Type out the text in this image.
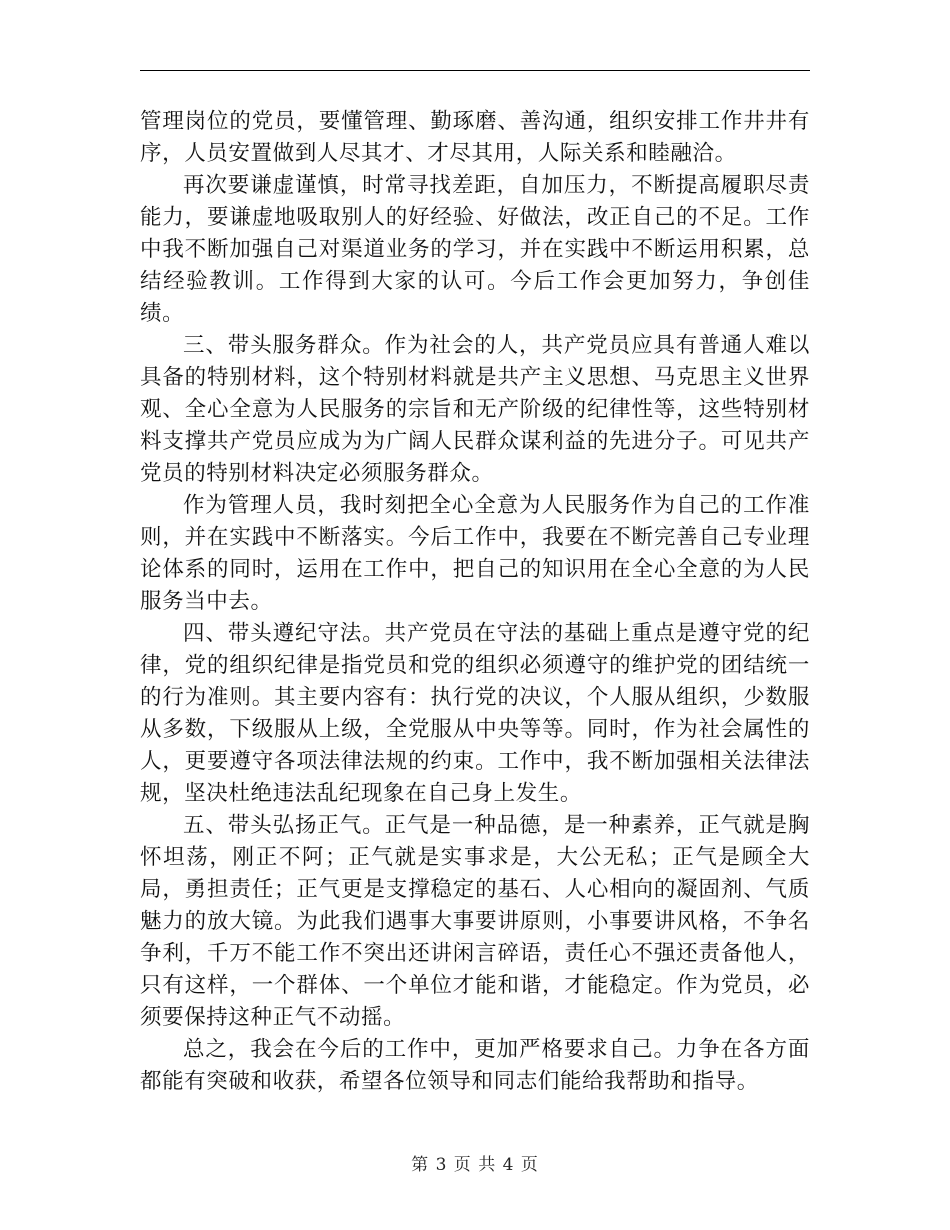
管理岗位的党员，要懂管理、勤琢磨、善沟通，组织安排工作井井有序，人员安置做到人尽其才、才尽其用，人际关系和睦融洽。

再次要谦虚谨慎，时常寻找差距，自加压力，不断提高履职尽责能力，要谦虚地吸取别人的好经验、好做法，改正自己的不足。工作中我不断加强自己对渠道业务的学习，并在实践中不断运用积累，总结经验教训。工作得到大家的认可。今后工作会更加努力，争创佳绩。

三、带头服务群众。作为社会的人，共产党员应具有普通人难以具备的特别材料，这个特别材料就是共产主义思想、马克思主义世界观、全心全意为人民服务的宗旨和无产阶级的纪律性等，这些特别材料支撑共产党员应成为为广阔人民群众谋利益的先进分子。可见共产党员的特别材料决定必须服务群众。

作为管理人员，我时刻把全心全意为人民服务作为自己的工作准则，并在实践中不断落实。今后工作中，我要在不断完善自己专业理论体系的同时，运用在工作中，把自己的知识用在全心全意的为人民服务当中去。

四、带头遵纪守法。共产党员在守法的基础上重点是遵守党的纪律，党的组织纪律是指党员和党的组织必须遵守的维护党的团结统一的行为准则。其主要内容有：执行党的决议，个人服从组织，少数服从多数，下级服从上级，全党服从中央等等。同时，作为社会属性的人，更要遵守各项法律法规的约束。工作中，我不断加强相关法律法规，坚决杜绝违法乱纪现象在自己身上发生。

五、带头弘扬正气。正气是一种品德，是一种素养，正气就是胸怀坦荡，刚正不阿；正气就是实事求是，大公无私；正气是顾全大局，勇担责任；正气更是支撑稳定的基石、人心相向的凝固剂、气质魅力的放大镜。为此我们遇事大事要讲原则，小事要讲风格，不争名争利，千万不能工作不突出还讲闲言碎语，责任心不强还责备他人，只有这样，一个群体、一个单位才能和谐，才能稳定。作为党员，必须要保持这种正气不动摇。

总之，我会在今后的工作中，更加严格要求自己。力争在各方面都能有突破和收获，希望各位领导和同志们能给我帮助和指导。

第 3 页 共 4 页
